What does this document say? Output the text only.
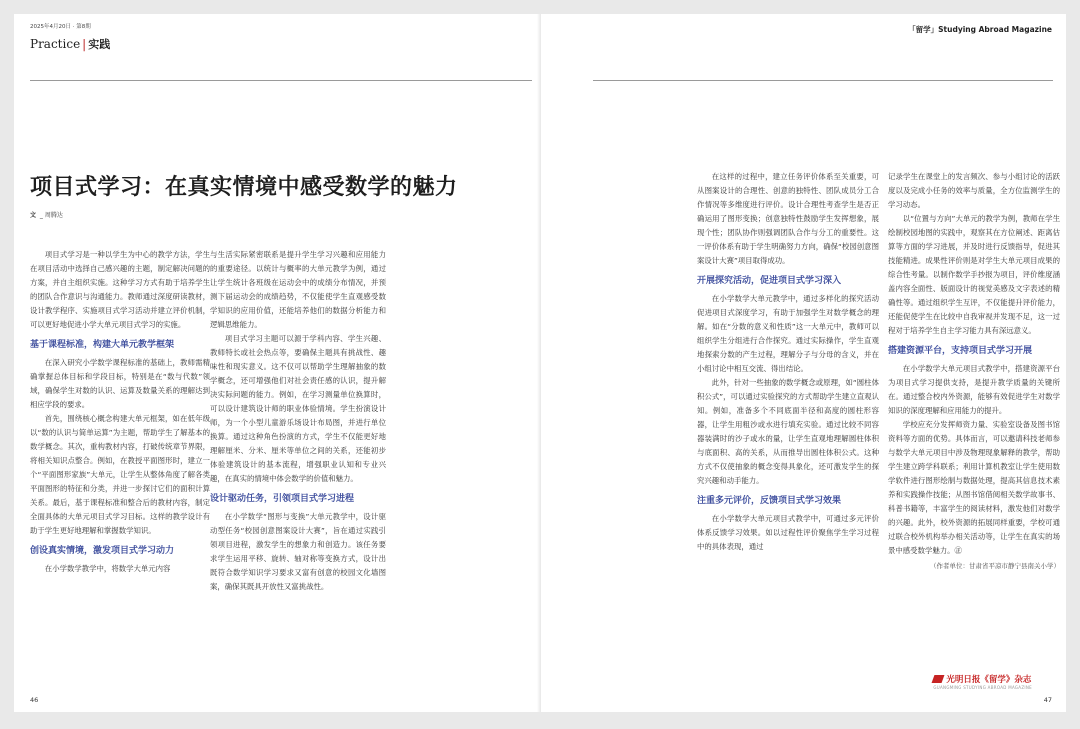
2025年4月20日 · 第8期
Practice | 实践
项目式学习：在真实情境中感受数学的魅力
文 _ 周腾达

项目式学习是一种以学生为中心的教学方法，学生在项目活动中选择自己感兴趣的主题，制定解决问题的方案，并自主组织实施。这种学习方式有助于培养学生的团队合作意识与沟通能力。教师通过深度研读教材，设计教学程序、实施项目式学习活动并建立评价机制，可以更好地促进小学大单元项目式学习的实施。

基于课程标准，构建大单元教学框架

在深入研究小学数学课程标准的基础上，教师需精确掌握总体目标和学段目标，特别是在“数与代数”领域，确保学生对数的认识、运算及数量关系的理解达到相应学段的要求。

首先，围绕核心概念构建大单元框架，如在低年级以“数的认识与简单运算”为主题，帮助学生了解基本的数学概念。其次，重构教材内容，打破传统章节界限，将相关知识点整合。例如，在教授平面图形时，建立一个“平面图形家族”大单元，让学生从整体角度了解各类平面图形的特征和分类，并进一步探讨它们的面积计算关系。最后，基于课程标准和整合后的教材内容，制定全面具体的大单元项目式学习目标。这样的教学设计有助于学生更好地理解和掌握数学知识。

创设真实情境，激发项目式学习动力

在小学数学教学中，将数学大单元内容

与生活实际紧密联系是提升学生学习兴趣和应用能力的重要途径。以统计与概率的大单元教学为例，通过让学生统计各班级在运动会中的成绩分布情况，并预测下届运动会的成绩趋势，不仅能使学生直观感受数学知识的应用价值，还能培养他们的数据分析能力和逻辑思维能力。

项目式学习主题可以源于学科内容、学生兴趣、教师特长或社会热点等，要确保主题具有挑战性、趣味性和现实意义。这不仅可以帮助学生理解抽象的数学概念，还可增强他们对社会责任感的认识，提升解决实际问题的能力。例如，在学习测量单位换算时，可以设计建筑设计师的职业体验情境。学生扮演设计师，为一个小型儿童游乐场设计布局图，并进行单位换算。通过这种角色扮演的方式，学生不仅能更好地理解厘米、分米、厘米等单位之间的关系，还能初步体验建筑设计的基本流程，增强职业认知和专业兴趣，在真实的情境中体会数学的价值和魅力。

设计驱动任务，引领项目式学习进程

在小学数学“图形与变换”大单元教学中，设计驱动型任务“校园创意图案设计大赛”，旨在通过实践引领项目进程，激发学生的想象力和创造力。该任务要求学生运用平移、旋转、轴对称等变换方式，设计出既符合数学知识学习要求又富有创意的校园文化墙图案，确保其既具开放性又富挑战性。

46
「留学」Studying Abroad Magazine

在这样的过程中，建立任务评价体系至关重要，可从图案设计的合理性、创意的独特性、团队成员分工合作情况等多维度进行评价。设计合理性考查学生是否正确运用了图形变换；创意独特性鼓励学生发挥想象，展现个性；团队协作则强调团队合作与分工的重要性。这一评价体系有助于学生明确努力方向，确保“校园创意图案设计大赛”项目取得成功。

开展探究活动，促进项目式学习深入

在小学数学大单元教学中，通过多样化的探究活动促进项目式深度学习，有助于加强学生对数学概念的理解。如在“分数的意义和性质”这一大单元中，教师可以组织学生分组进行合作探究。通过实际操作，学生直观地探索分数的产生过程，理解分子与分母的含义，并在小组讨论中相互交流、得出结论。

此外，针对一些抽象的数学概念或原理，如“圆柱体积公式”，可以通过实验探究的方式帮助学生建立直观认知。例如，准备多个不同底面半径和高度的圆柱形容器，让学生用粗沙或水进行填充实验。通过比较不同容器装满时的沙子或水的量，让学生直观地理解圆柱体积与底面积、高的关系，从而推导出圆柱体积公式。这种方式不仅使抽象的概念变得具象化，还可激发学生的探究兴趣和动手能力。

注重多元评价，反馈项目式学习效果

在小学数学大单元项目式教学中，可通过多元评价体系反馈学习效果。如以过程性评价聚焦学生学习过程中的具体表现，通过

记录学生在课堂上的发言频次、参与小组讨论的活跃度以及完成小任务的效率与质量，全方位监测学生的学习动态。

以“位置与方向”大单元的教学为例，教师在学生绘制校园地图的实践中，观察其在方位阐述、距离估算等方面的学习进展，并及时进行反馈指导，促进其技能精进。成果性评价则是对学生大单元项目成果的综合性考量。以制作数学手抄报为项目，评价维度涵盖内容全面性、版面设计的视觉美感及文字表述的精确性等。通过组织学生互评，不仅能提升评价能力，还能促使学生在比较中自我审视并发现不足，这一过程对于培养学生自主学习能力具有深远意义。

搭建资源平台，支持项目式学习开展

在小学数学大单元项目式教学中，搭建资源平台为项目式学习提供支持，是提升教学质量的关键所在。通过整合校内外资源，能够有效促进学生对数学知识的深度理解和应用能力的提升。

学校应充分发挥师资力量、实验室设备及图书馆资料等方面的优势。具体而言，可以邀请科技老师参与数学大单元项目中涉及物理现象解释的教学，帮助学生建立跨学科联系；利用计算机教室让学生使用数学软件进行图形绘制与数据处理，提高其信息技术素养和实践操作技能；从图书馆借阅相关数学故事书、科普书籍等，丰富学生的阅读材料，激发他们对数学的兴趣。此外，校外资源的拓展同样重要，学校可通过联合校外机构举办相关活动等，让学生在真实的场景中感受数学魅力。㊣

（作者单位：甘肃省平凉市静宁县南关小学）

光明日报《留学》杂志
GUANGMING STUDYING ABROAD MAGAZINE
47
